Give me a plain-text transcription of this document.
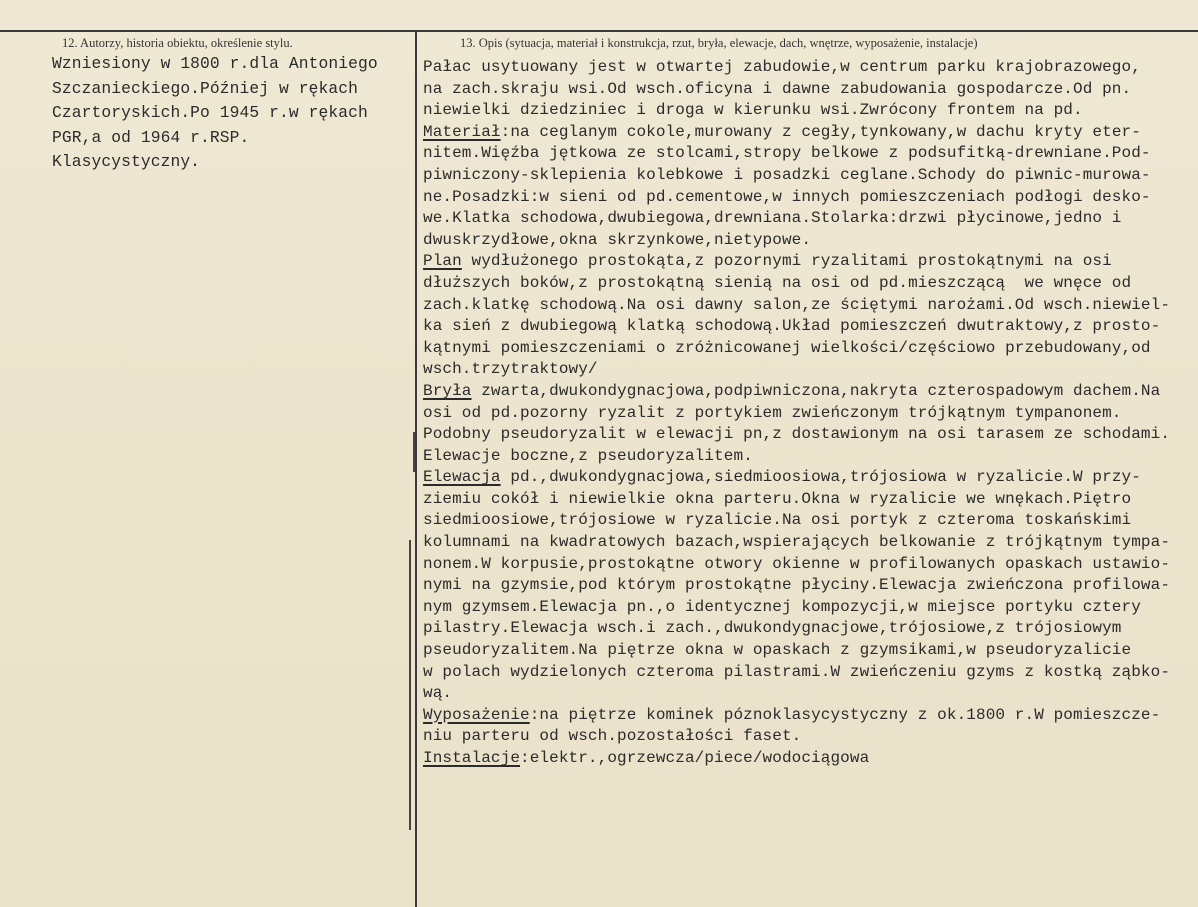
12. Autorzy, historia obiektu, określenie stylu.	13. Opis (sytuacja, materiał i konstrukcja, rzut, bryła, elewacje, dach, wnętrze, wyposażenie, instalacje)
Wzniesiony w 1800 r.dla Antoniego
Szczanieckiego.Później w rękach
Czartoryskich.Po 1945 r.w rękach
PGR,a od 1964 r.RSP.
Klasycystyczny.
Pałac usytuowany jest w otwartej zabudowie,w centrum parku krajobrazowego,
na zach.skraju wsi.Od wsch.oficyna i dawne zabudowania gospodarcze.Od pn.
niewielki dziedziniec i droga w kierunku wsi.Zwrócony frontem na pd.
Materiał:na ceglanym cokole,murowany z cegły,tynkowany,w dachu kryty eter-
nitem.Więźba jętkowa ze stolcami,stropy belkowe z podsufitką-drewniane.Pod-
piwniczony-sklepienia kolebkowe i posadzki ceglane.Schody do piwnic-murowa-
ne.Posadzki:w sieni od pd.cementowe,w innych pomieszczeniach podłogi desko-
we.Klatka schodowa,dwubiegowa,drewniana.Stolarka:drzwi płycinowe,jedno i
dwuskrzydłowe,okna skrzynkowe,nietypowe.
Plan wydłużonego prostokąta,z pozornymi ryzalitami prostokątnymi na osi
dłuższych boków,z prostokątną sienią na osi od pd.mieszczącą  we wnęce od
zach.klatkę schodową.Na osi dawny salon,ze ściętymi narożami.Od wsch.niewiel-
ka sień z dwubiegową klatką schodową.Układ pomieszczeń dwutraktowy,z prosto-
kątnymi pomieszczeniami o zróżnicowanej wielkości/częściowo przebudowany,od
wsch.trzytraktowy/
Bryła zwarta,dwukondygnacjowa,podpiwniczona,nakryta czterospadowym dachem.Na
osi od pd.pozorny ryzalit z portykiem zwieńczonym trójkątnym tympanonem.
Podobny pseudoryzalit w elewacji pn,z dostawionym na osi tarasem ze schodami.
Elewacje boczne,z pseudoryzalitem.
Elewacja pd.,dwukondygnacjowa,siedmioosiowa,trójosiowa w ryzalicie.W przy-
ziemiu cokół i niewielkie okna parteru.Okna w ryzalicie we wnękach.Piętro
siedmioosiowe,trójosiowe w ryzalicie.Na osi portyk z czteroma toskańskimi
kolumnami na kwadratowych bazach,wspierających belkowanie z trójkątnym tympa-
nonem.W korpusie,prostokątne otwory okienne w profilowanych opaskach ustawio-
nymi na gzymsie,pod którym prostokątne płyciny.Elewacja zwieńczona profilowa-
nym gzymsem.Elewacja pn.,o identycznej kompozycji,w miejsce portyku cztery
pilastry.Elewacja wsch.i zach.,dwukondygnacjowe,trójosiowe,z trójosiowym
pseudoryzalitem.Na piętrze okna w opaskach z gzymsikami,w pseudoryzalicie
w polach wydzielonych czteroma pilastrami.W zwieńczeniu gzyms z kostką ząbko-
wą.
Wyposażenie:na piętrze kominek póznoklasycystyczny z ok.1800 r.W pomieszcze-
niu parteru od wsch.pozostałości faset.
Instalacje:elektr.,ogrzewcza/piece/wodociągowa
